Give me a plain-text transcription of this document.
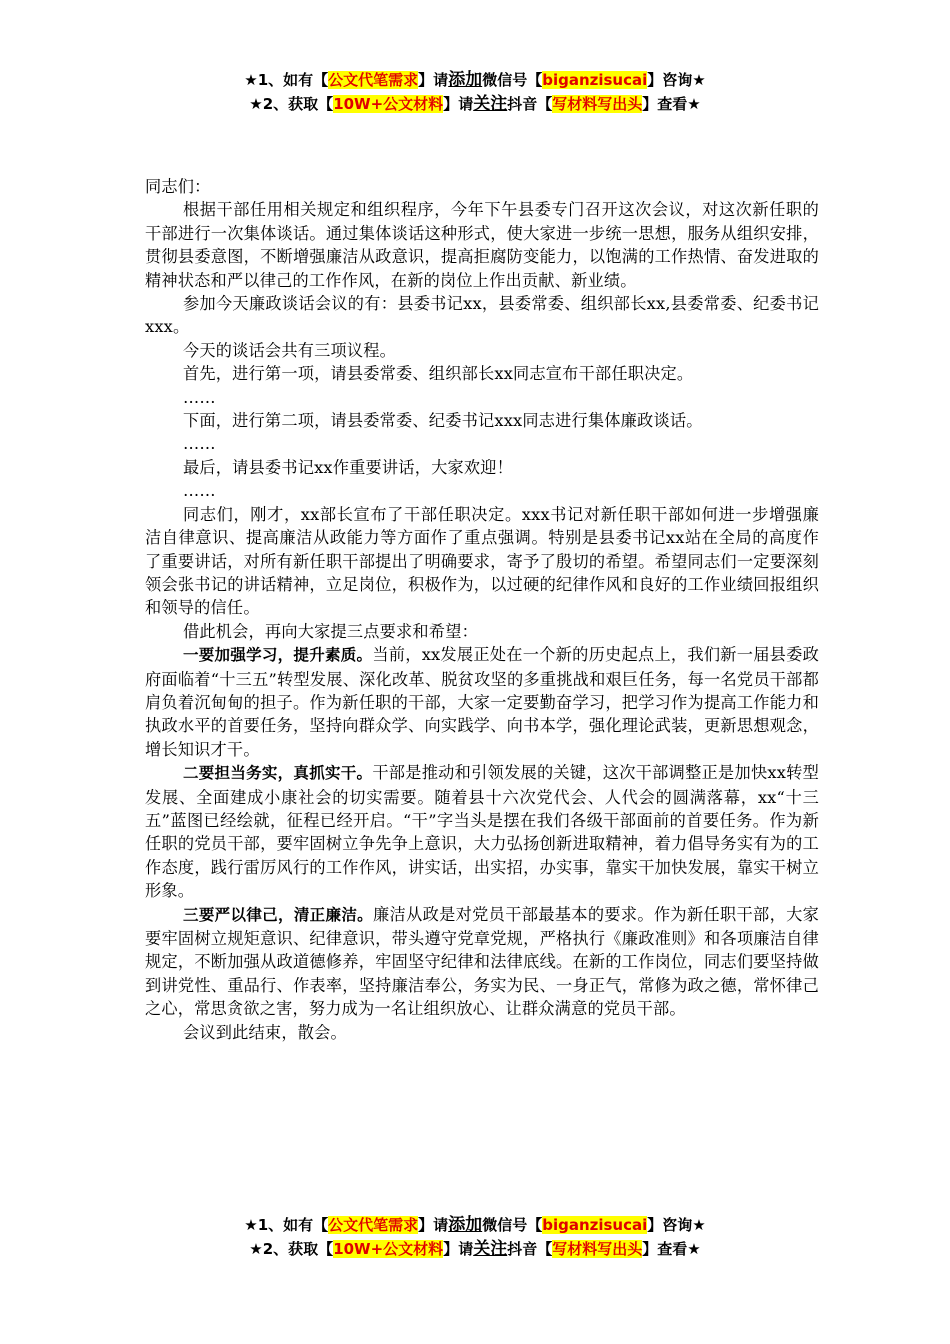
★1、如有【公文代笔需求】请添加微信号【biganzisucai】咨询★
★2、获取【10W+公文材料】请关注抖音【写材料写出头】查看★

同志们：

根据干部任用相关规定和组织程序，今年下午县委专门召开这次会议，对这次新任职的干部进行一次集体谈话。通过集体谈话这种形式，使大家进一步统一思想，服务从组织安排，贯彻县委意图，不断增强廉洁从政意识，提高拒腐防变能力，以饱满的工作热情、奋发进取的精神状态和严以律己的工作作风，在新的岗位上作出贡献、新业绩。

参加今天廉政谈话会议的有：县委书记xx，县委常委、组织部长xx,县委常委、纪委书记xxx。

今天的谈话会共有三项议程。

首先，进行第一项，请县委常委、组织部长xx同志宣布干部任职决定。

……

下面，进行第二项，请县委常委、纪委书记xxx同志进行集体廉政谈话。

……

最后，请县委书记xx作重要讲话，大家欢迎！

……

同志们，刚才，xx部长宣布了干部任职决定。xxx书记对新任职干部如何进一步增强廉洁自律意识、提高廉洁从政能力等方面作了重点强调。特别是县委书记xx站在全局的高度作了重要讲话，对所有新任职干部提出了明确要求，寄予了殷切的希望。希望同志们一定要深刻领会张书记的讲话精神，立足岗位，积极作为，以过硬的纪律作风和良好的工作业绩回报组织和领导的信任。

借此机会，再向大家提三点要求和希望：

一要加强学习，提升素质。当前，xx发展正处在一个新的历史起点上，我们新一届县委政府面临着“十三五”转型发展、深化改革、脱贫攻坚的多重挑战和艰巨任务，每一名党员干部都肩负着沉甸甸的担子。作为新任职的干部，大家一定要勤奋学习，把学习作为提高工作能力和执政水平的首要任务，坚持向群众学、向实践学、向书本学，强化理论武装，更新思想观念，增长知识才干。

二要担当务实，真抓实干。干部是推动和引领发展的关键，这次干部调整正是加快xx转型发展、全面建成小康社会的切实需要。随着县十六次党代会、人代会的圆满落幕，xx“十三五”蓝图已经绘就，征程已经开启。“干”字当头是摆在我们各级干部面前的首要任务。作为新任职的党员干部，要牢固树立争先争上意识，大力弘扬创新进取精神，着力倡导务实有为的工作态度，践行雷厉风行的工作作风，讲实话，出实招，办实事，靠实干加快发展，靠实干树立形象。

三要严以律己，清正廉洁。廉洁从政是对党员干部最基本的要求。作为新任职干部，大家要牢固树立规矩意识、纪律意识，带头遵守党章党规，严格执行《廉政准则》和各项廉洁自律规定，不断加强从政道德修养，牢固坚守纪律和法律底线。在新的工作岗位，同志们要坚持做到讲党性、重品行、作表率，坚持廉洁奉公，务实为民、一身正气，常修为政之德，常怀律己之心，常思贪欲之害，努力成为一名让组织放心、让群众满意的党员干部。

会议到此结束，散会。

★1、如有【公文代笔需求】请添加微信号【biganzisucai】咨询★
★2、获取【10W+公文材料】请关注抖音【写材料写出头】查看★
